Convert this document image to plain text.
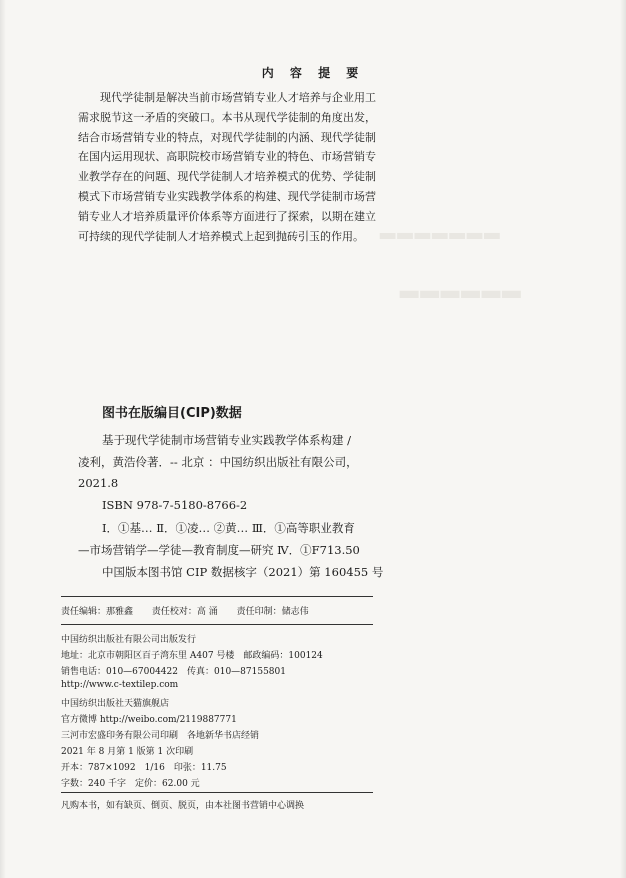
▂▂▂▂▂▂▂
▂▂▂▂▂▂
内 容 提 要

现代学徒制是解决当前市场营销专业人才培养与企业用工需求脱节这一矛盾的突破口。本书从现代学徒制的角度出发，结合市场营销专业的特点，对现代学徒制的内涵、现代学徒制在国内运用现状、高职院校市场营销专业的特色、市场营销专业教学存在的问题、现代学徒制人才培养模式的优势、学徒制模式下市场营销专业实践教学体系的构建、现代学徒制市场营销专业人才培养质量评价体系等方面进行了探索，以期在建立可持续的现代学徒制人才培养模式上起到抛砖引玉的作用。

图书在版编目(CIP)数据
基于现代学徒制市场营销专业实践教学体系构建 /
凌利，黄浩伶著．-- 北京 ：中国纺织出版社有限公司，
2021.8
ISBN 978-7-5180-8766-2
Ⅰ．①基… Ⅱ．①凌… ②黄… Ⅲ．①高等职业教育
—市场营销学—学徒—教育制度—研究 Ⅳ．①F713.50
中国版本图书馆 CIP 数据核字（2021）第 160455 号
责任编辑：那雅鑫 责任校对：高 涌 责任印制：储志伟
中国纺织出版社有限公司出版发行
地址：北京市朝阳区百子湾东里 A407 号楼　邮政编码：100124
销售电话：010—67004422　传真：010—87155801
http://www.c-textilep.com
中国纺织出版社天猫旗舰店
官方微博 http://weibo.com/2119887771
三河市宏盛印务有限公司印刷　各地新华书店经销
2021 年 8 月第 1 版第 1 次印刷
开本：787×1092　1/16　印张：11.75
字数：240 千字　定价：62.00 元
凡购本书，如有缺页、倒页、脱页，由本社图书营销中心调换
